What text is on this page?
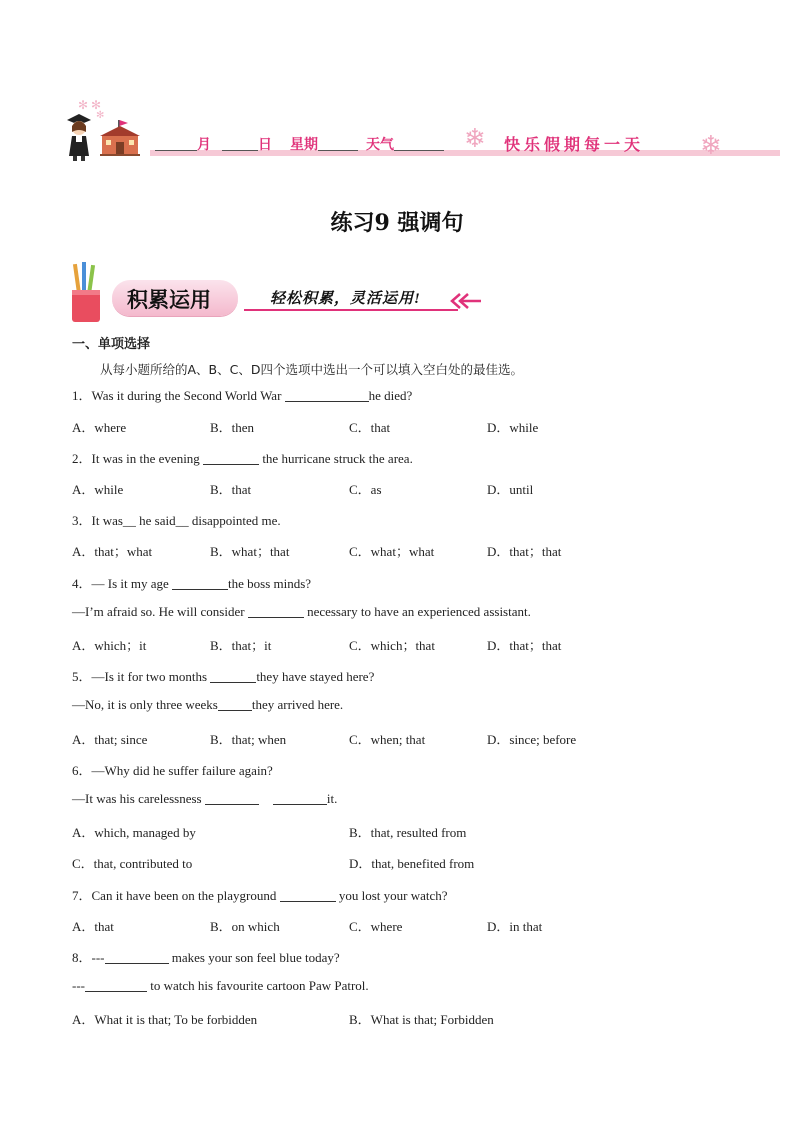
✻ ✻
✻
月	日 星期	天气	❄ 快乐假期每一天 ❄
练习9 强调句
积累运用	轻松积累，灵活运用!
一、单项选择
从每小题所给的A、B、C、D四个选项中选出一个可以填入空白处的最佳选。
1．Was it during the Second World War	he died?
A．where	B．then	C．that	D．while
2．It was in the evening	the hurricane struck the area.
A．while	B．that	C．as	D．until
3．It was__ he said__ disappointed me.
A．that；what	B．what；that	C．what；what	D．that；that
4．— Is it my age	the boss minds?
—I’m afraid so. He will consider	necessary to have an experienced assistant.
A．which；it	B．that；it	C．which；that	D．that；that
5．—Is it for two months	they have stayed here?
—No, it is only three weeks	they arrived here.
A．that; since	B．that; when	C．when; that	D．since; before
6．—Why did he suffer failure again?
—It was his carelessness	it.
A．which, managed by	B．that, resulted from
C．that, contributed to	D．that, benefited from
7．Can it have been on the playground	you lost your watch?
A．that	B．on which	C．where	D．in that
8．---	makes your son feel blue today?
---	to watch his favourite cartoon Paw Patrol.
A．What it is that; To be forbidden	B．What is that; Forbidden
